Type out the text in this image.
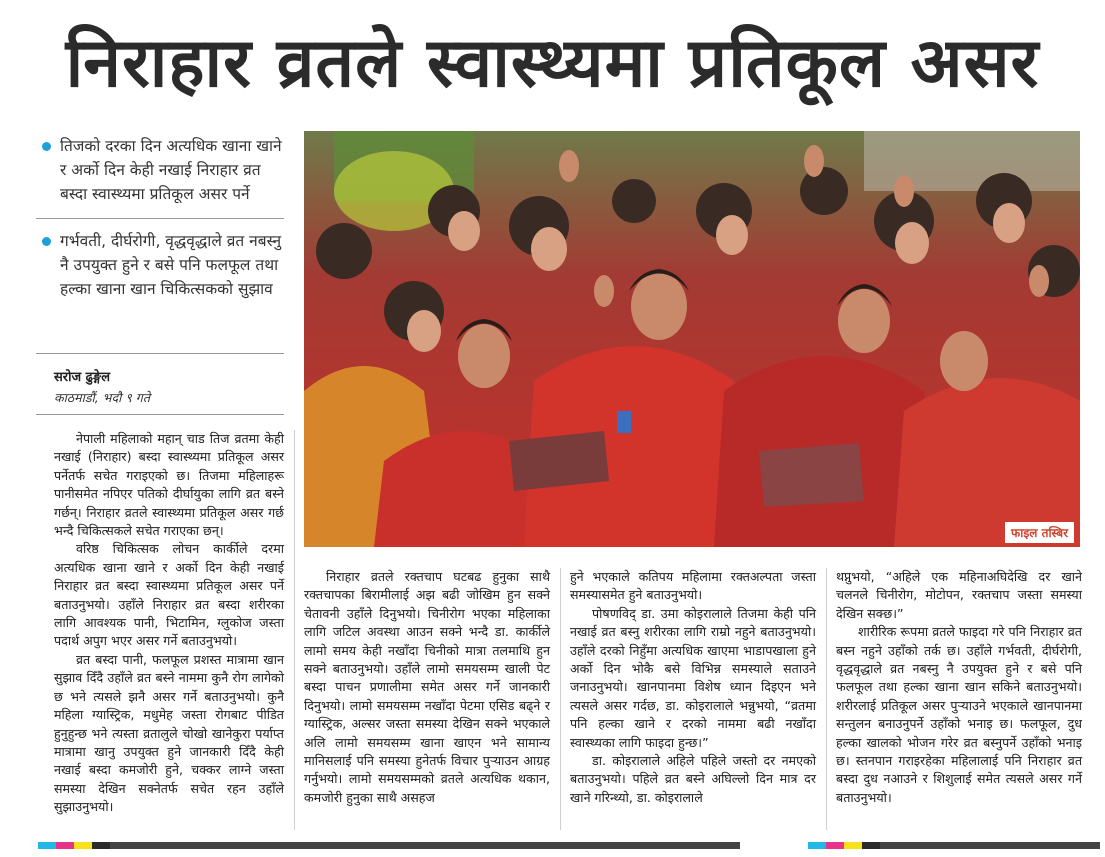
निराहार व्रतले स्वास्थ्यमा प्रतिकूल असर
तिजको दरका दिन अत्यधिक खाना खाने र अर्को दिन केही नखाई निराहार व्रत बस्दा स्वास्थ्यमा प्रतिकूल असर पर्ने
गर्भवती, दीर्घरोगी, वृद्धवृद्धाले व्रत नबस्नु नै उपयुक्त हुने र बसे पनि फलफूल तथा हल्का खाना खान चिकित्सकको सुझाव
सरोज ढुङ्गेल
काठमाडौं, भदौ ९ गते
फाइल तस्बिर

नेपाली महिलाको महान् चाड तिज व्रतमा केही नखाई (निराहार) बस्दा स्वास्थ्यमा प्रतिकूल असर पर्नेतर्फ सचेत गराइएको छ। तिजमा महिलाहरू पानीसमेत नपिएर पतिको दीर्घायुका लागि व्रत बस्ने गर्छन्। निराहार व्रतले स्वास्थ्यमा प्रतिकूल असर गर्छ भन्दै चिकित्सकले सचेत गराएका छन्।

वरिष्ठ चिकित्सक लोचन कार्कीले दरमा अत्यधिक खाना खाने र अर्को दिन केही नखाई निराहार व्रत बस्दा स्वास्थ्यमा प्रतिकूल असर पर्ने बताउनुभयो। उहाँले निराहार व्रत बस्दा शरीरका लागि आवश्यक पानी, भिटामिन, ग्लुकोज जस्ता पदार्थ अपुग भएर असर गर्ने बताउनुभयो।

व्रत बस्दा पानी, फलफूल प्रशस्त मात्रामा खान सुझाव दिँदै उहाँले व्रत बस्ने नाममा कुनै रोग लागेको छ भने त्यसले झनै असर गर्ने बताउनुभयो। कुनै महिला ग्यास्ट्रिक, मधुमेह जस्ता रोगबाट पीडित हुनुहुन्छ भने त्यस्ता व्रतालुले चोखो खानेकुरा पर्याप्त मात्रामा खानु उपयुक्त हुने जानकारी दिँदै केही नखाई बस्दा कमजोरी हुने, चक्कर लाग्ने जस्ता समस्या देखिन सक्नेतर्फ सचेत रहन उहाँले सुझाउनुभयो।

निराहार व्रतले रक्तचाप घटबढ हुनुका साथै रक्तचापका बिरामीलाई अझ बढी जोखिम हुन सक्ने चेतावनी उहाँले दिनुभयो। चिनीरोग भएका महिलाका लागि जटिल अवस्था आउन सक्ने भन्दै डा. कार्कीले लामो समय केही नखाँदा चिनीको मात्रा तलमाथि हुन सक्ने बताउनुभयो। उहाँले लामो समयसम्म खाली पेट बस्दा पाचन प्रणालीमा समेत असर गर्ने जानकारी दिनुभयो। लामो समयसम्म नखाँदा पेटमा एसिड बढ्ने र ग्यास्ट्रिक, अल्सर जस्ता समस्या देखिन सक्ने भएकाले अलि लामो समयसम्म खाना खाएन भने सामान्य मानिसलाई पनि समस्या हुनेतर्फ विचार पुर्‍याउन आग्रह गर्नुभयो। लामो समयसम्मको व्रतले अत्यधिक थकान, कमजोरी हुनुका साथै असहज

हुने भएकाले कतिपय महिलामा रक्तअल्पता जस्ता समस्यासमेत हुने बताउनुभयो।

पोषणविद् डा. उमा कोइरालाले तिजमा केही पनि नखाई व्रत बस्नु शरीरका लागि राम्रो नहुने बताउनुभयो। उहाँले दरको निहुँमा अत्यधिक खाएमा भाडापखाला हुने अर्को दिन भोकै बसे विभिन्न समस्याले सताउने जनाउनुभयो। खानपानमा विशेष ध्यान दिइएन भने त्यसले असर गर्दछ, डा. कोइरालाले भन्नुभयो, “व्रतमा पनि हल्का खाने र दरको नाममा बढी नखाँदा स्वास्थ्यका लागि फाइदा हुन्छ।”

डा. कोइरालाले अहिले पहिले जस्तो दर नमएको बताउनुभयो। पहिले व्रत बस्ने अघिल्लो दिन मात्र दर खाने गरिन्थ्यो, डा. कोइरालाले

थप्नुभयो, “अहिले एक महिनाअघिदेखि दर खाने चलनले चिनीरोग, मोटोपन, रक्तचाप जस्ता समस्या देखिन सक्छ।”

शारीरिक रूपमा व्रतले फाइदा गरे पनि निराहार व्रत बस्न नहुने उहाँको तर्क छ। उहाँले गर्भवती, दीर्घरोगी, वृद्धवृद्धाले व्रत नबस्नु नै उपयुक्त हुने र बसे पनि फलफूल तथा हल्का खाना खान सकिने बताउनुभयो। शरीरलाई प्रतिकूल असर पुर्‍याउने भएकाले खानपानमा सन्तुलन बनाउनुपर्ने उहाँको भनाइ छ। फलफूल, दुध हल्का खालको भोजन गरेर व्रत बस्नुपर्ने उहाँको भनाइ छ। स्तनपान गराइरहेका महिलालाई पनि निराहार व्रत बस्दा दुध नआउने र शिशुलाई समेत त्यसले असर गर्ने बताउनुभयो।
